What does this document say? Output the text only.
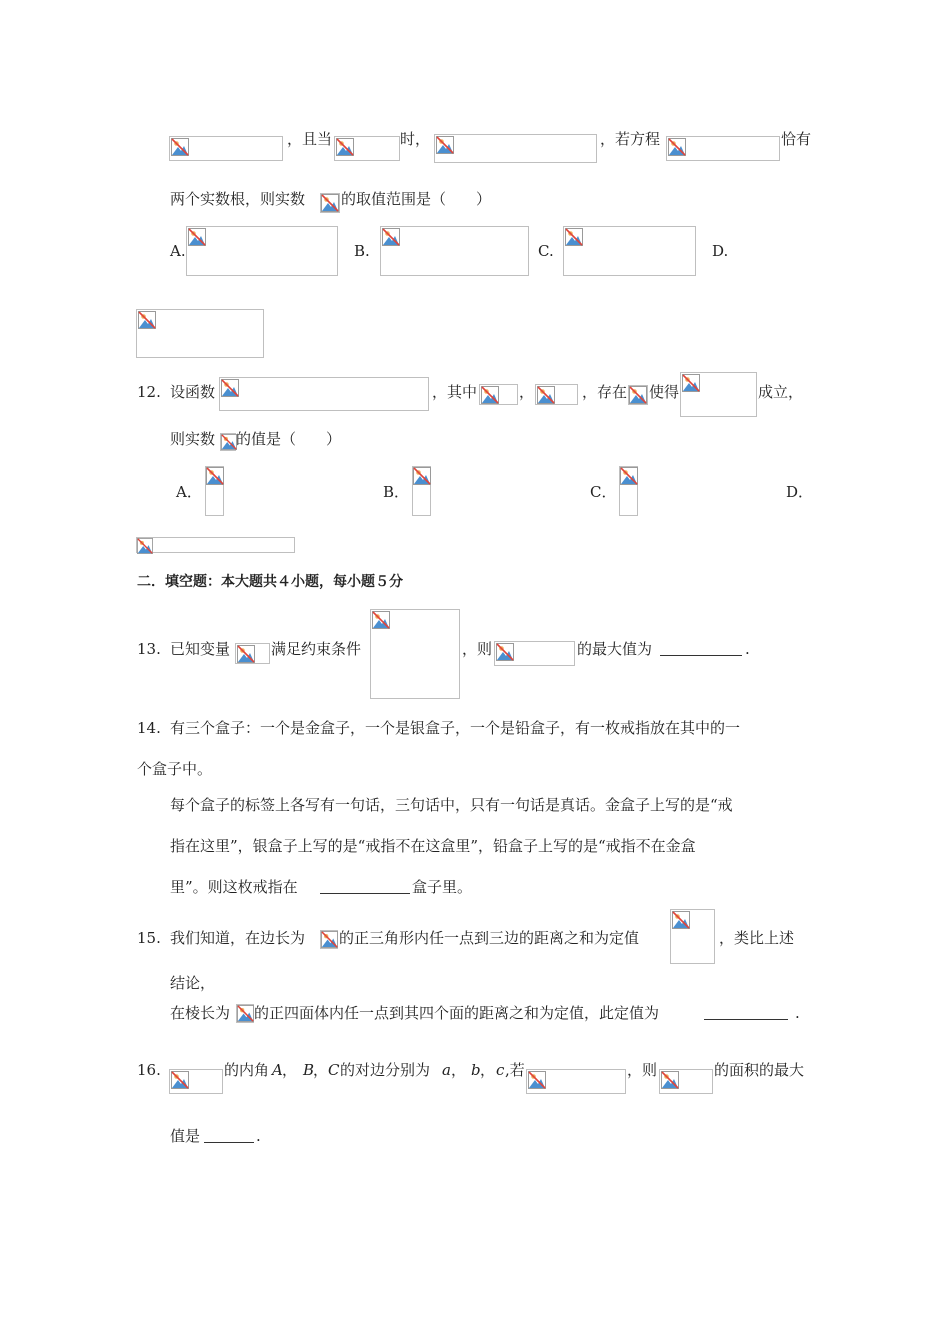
，且当	时，	，若方程	恰有
两个实数根，则实数 的取值范围是（　　）
A.	B.	C.	D.
12. 设函数	，其中	，	，存在 使得	成立，
则实数 的值是（　　）
A．	B．	C．	D．
二．填空题：本大题共４小题，每小题５分
13. 已知变量	满足约束条件	，则	的最大值为	.
14. 有三个盒子：一个是金盒子，一个是银盒子，一个是铅盒子，有一枚戒指放在其中的一
个盒子中。
每个盒子的标签上各写有一句话，三句话中，只有一句话是真话。金盒子上写的是“戒
指在这里”，银盒子上写的是“戒指不在这盒里”，铅盒子上写的是“戒指不在金盒
里”。则这枚戒指在	盒子里。
15. 我们知道，在边长为 的正三角形内任一点到三边的距离之和为定值	，类比上述
结论，
在棱长为 的正四面体内任一点到其四个面的距离之和为定值，此定值为	.
16.	的内角 A ， B
， C 的对边分别为 a ， b ， c ,若	，则	的面积的最大
值是	.
